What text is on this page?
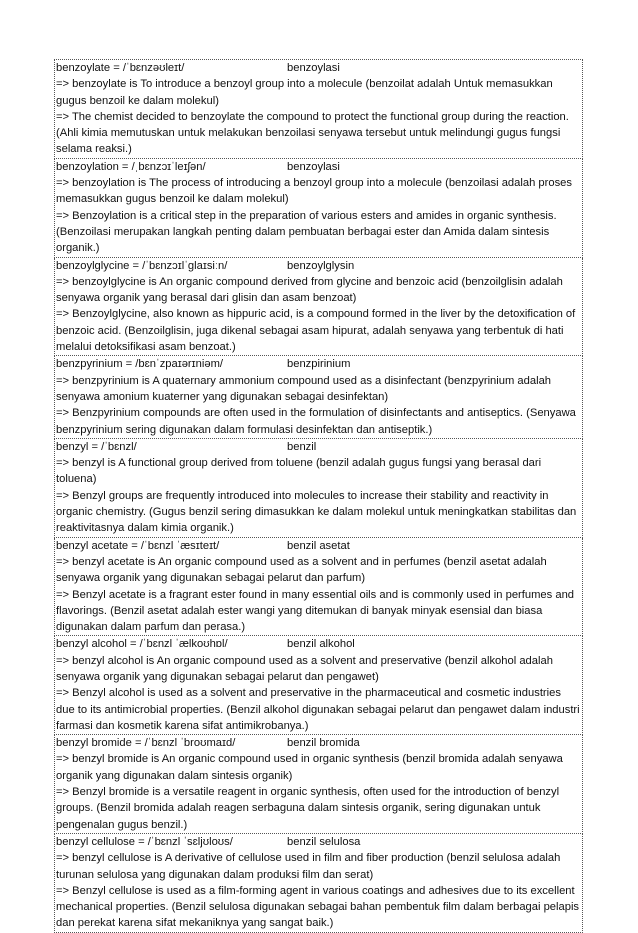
benzoylate = /ˈbɛnzəʊleɪt/	benzoylasi
=> benzoylate is To introduce a benzoyl group into a molecule (benzoilat adalah Untuk memasukkan gugus benzoil ke dalam molekul)
=> The chemist decided to benzoylate the compound to protect the functional group during the reaction. (Ahli kimia memutuskan untuk melakukan benzoilasi senyawa tersebut untuk melindungi gugus fungsi selama reaksi.)
benzoylation = /ˌbɛnzɔɪˈleɪʃən/	benzoylasi
=> benzoylation is The process of introducing a benzoyl group into a molecule (benzoilasi adalah proses memasukkan gugus benzoil ke dalam molekul)
=> Benzoylation is a critical step in the preparation of various esters and amides in organic synthesis. (Benzoilasi merupakan langkah penting dalam pembuatan berbagai ester dan Amida dalam sintesis organik.)
benzoylglycine = /ˈbɛnzɔɪlˈɡlaɪsiːn/	benzoylglysin
=> benzoylglycine is An organic compound derived from glycine and benzoic acid (benzoilglisin adalah senyawa organik yang berasal dari glisin dan asam benzoat)
=> Benzoylglycine, also known as hippuric acid, is a compound formed in the liver by the detoxification of benzoic acid. (Benzoilglisin, juga dikenal sebagai asam hipurat, adalah senyawa yang terbentuk di hati melalui detoksifikasi asam benzoat.)
benzpyrinium = /bɛnˈzpaɪərɪniəm/	benzpirinium
=> benzpyrinium is A quaternary ammonium compound used as a disinfectant (benzpyrinium adalah senyawa amonium kuaterner yang digunakan sebagai desinfektan)
=> Benzpyrinium compounds are often used in the formulation of disinfectants and antiseptics. (Senyawa benzpyrinium sering digunakan dalam formulasi desinfektan dan antiseptik.)
benzyl = /ˈbɛnzl/	benzil
=> benzyl is A functional group derived from toluene (benzil adalah gugus fungsi yang berasal dari toluena)
=> Benzyl groups are frequently introduced into molecules to increase their stability and reactivity in organic chemistry. (Gugus benzil sering dimasukkan ke dalam molekul untuk meningkatkan stabilitas dan reaktivitasnya dalam kimia organik.)
benzyl acetate = /ˈbɛnzl ˈæsɪteɪt/	benzil asetat
=> benzyl acetate is An organic compound used as a solvent and in perfumes (benzil asetat adalah senyawa organik yang digunakan sebagai pelarut dan parfum)
=> Benzyl acetate is a fragrant ester found in many essential oils and is commonly used in perfumes and flavorings. (Benzil asetat adalah ester wangi yang ditemukan di banyak minyak esensial dan biasa digunakan dalam parfum dan perasa.)
benzyl alcohol = /ˈbɛnzl ˈælkoʊhɒl/	benzil alkohol
=> benzyl alcohol is An organic compound used as a solvent and preservative (benzil alkohol adalah senyawa organik yang digunakan sebagai pelarut dan pengawet)
=> Benzyl alcohol is used as a solvent and preservative in the pharmaceutical and cosmetic industries due to its antimicrobial properties. (Benzil alkohol digunakan sebagai pelarut dan pengawet dalam industri farmasi dan kosmetik karena sifat antimikrobanya.)
benzyl bromide = /ˈbɛnzl ˈbroʊmaɪd/	benzil bromida
=> benzyl bromide is An organic compound used in organic synthesis (benzil bromida adalah senyawa organik yang digunakan dalam sintesis organik)
=> Benzyl bromide is a versatile reagent in organic synthesis, often used for the introduction of benzyl groups. (Benzil bromida adalah reagen serbaguna dalam sintesis organik, sering digunakan untuk pengenalan gugus benzil.)
benzyl cellulose = /ˈbɛnzl ˈsɛljʊloʊs/	benzil selulosa
=> benzyl cellulose is A derivative of cellulose used in film and fiber production (benzil selulosa adalah turunan selulosa yang digunakan dalam produksi film dan serat)
=> Benzyl cellulose is used as a film-forming agent in various coatings and adhesives due to its excellent mechanical properties. (Benzil selulosa digunakan sebagai bahan pembentuk film dalam berbagai pelapis dan perekat karena sifat mekaniknya yang sangat baik.)
